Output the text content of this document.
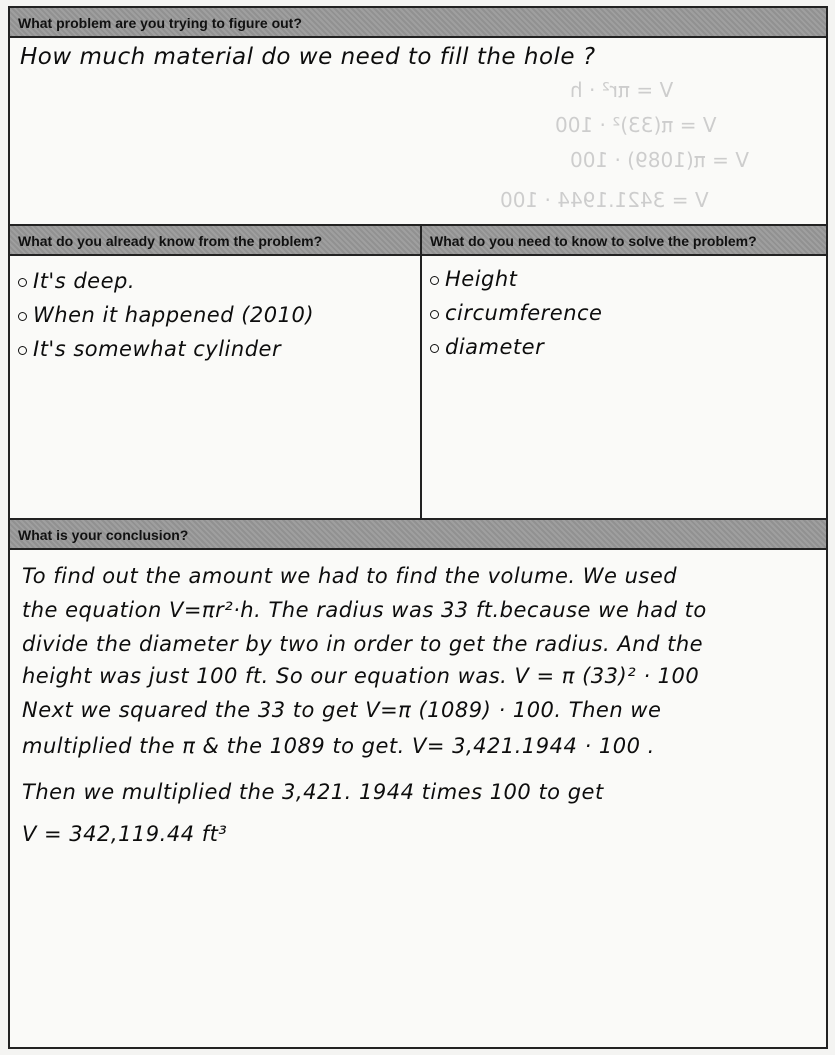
What problem are you trying to figure out?
How much material do we need to fill the hole ?
V = πr² · h
V = π(33)² · 100
V = π(1089) · 100
V = 3421.1944 · 100
What do you already know from the problem?	What do you need to know to solve the problem?
It's deep.
When it happened (2010)
It's somewhat cylinder
Height
circumference
diameter
What is your conclusion?
To find out the amount we had to find the volume. We used
the equation V=πr²·h. The radius was 33 ft.because we had to
divide the diameter by two in order to get the radius. And the
height was just 100 ft. So our equation was. V = π (33)² · 100
Next we squared the 33 to get V=π (1089) · 100. Then we
multiplied the π & the 1089 to get. V= 3,421.1944 · 100 .
Then we multiplied the 3,421. 1944 times 100 to get
V = 342,119.44 ft³
